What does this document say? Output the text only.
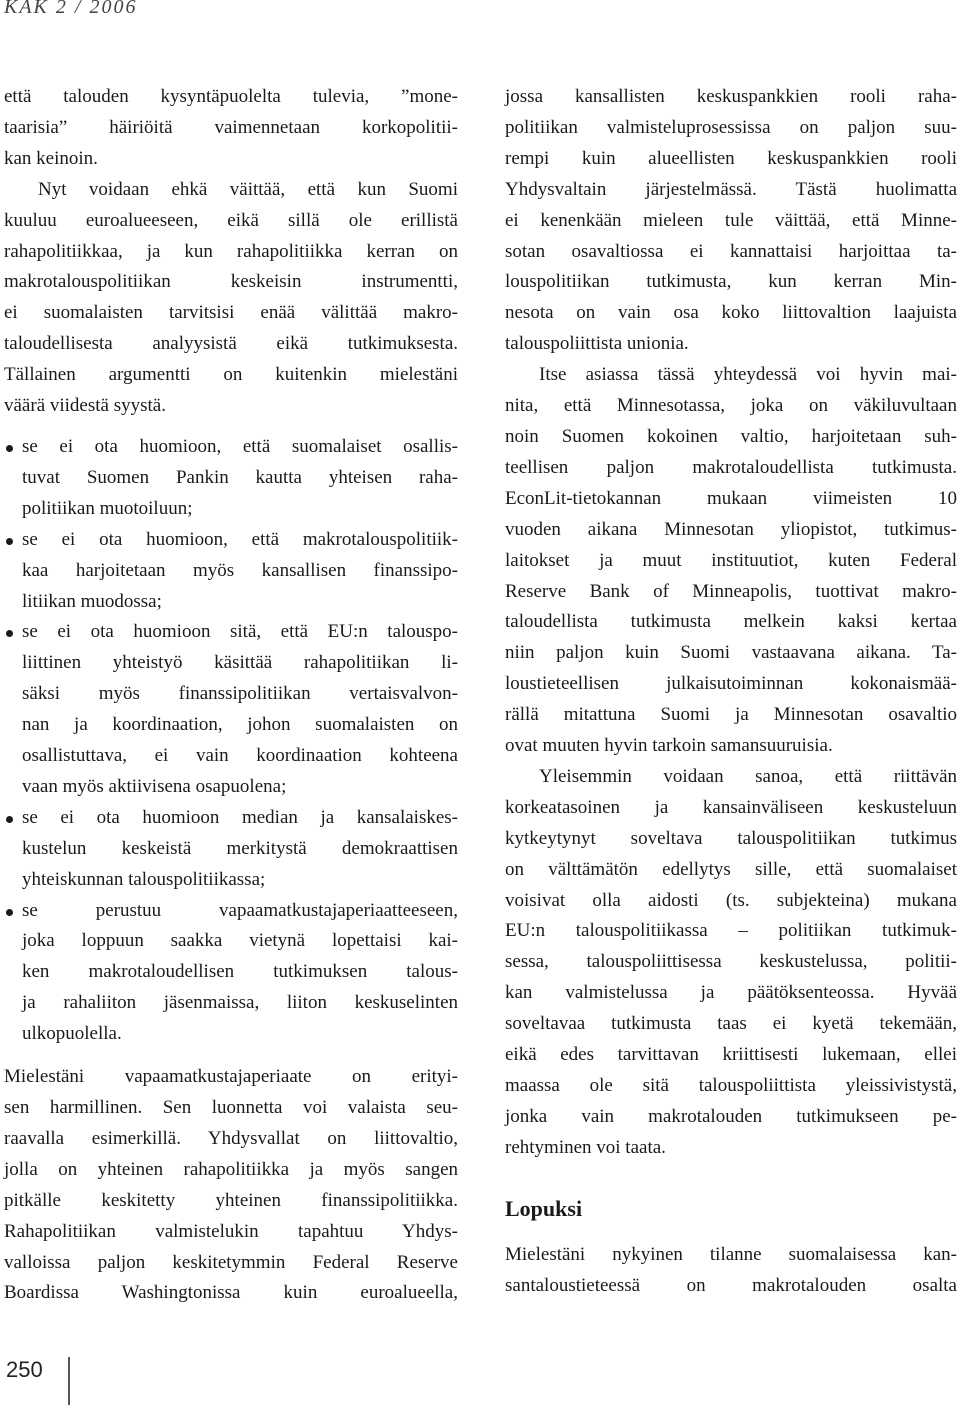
KAK 2 / 2006
että talouden kysyntäpuolelta tulevia, ”mone-
taarisia” häiriöitä vaimennetaan korkopolitii-
kan keinoin.
Nyt voidaan ehkä väittää, että kun Suomi
kuuluu euroalueeseen, eikä sillä ole erillistä
rahapolitiikkaa, ja kun rahapolitiikka kerran on
makrotalouspolitiikan keskeisin instrumentti,
ei suomalaisten tarvitsisi enää välittää makro-
taloudellisesta analyysistä eikä tutkimuksesta.
Tällainen argumentti on kuitenkin mielestäni
väärä viidestä syystä.
se ei ota huomioon, että suomalaiset osallis-
tuvat Suomen Pankin kautta yhteisen raha-
politiikan muotoiluun;
se ei ota huomioon, että makrotalouspolitiik-
kaa harjoitetaan myös kansallisen finanssipo-
litiikan muodossa;
se ei ota huomioon sitä, että EU:n talouspo-
liittinen yhteistyö käsittää rahapolitiikan li-
säksi myös finanssipolitiikan vertaisvalvon-
nan ja koordinaation, johon suomalaisten on
osallistuttava, ei vain koordinaation kohteena
vaan myös aktiivisena osapuolena;
se ei ota huomioon median ja kansalaiskes-
kustelun keskeistä merkitystä demokraattisen
yhteiskunnan talouspolitiikassa;
se perustuu vapaamatkustajaperiaatteeseen,
joka loppuun saakka vietynä lopettaisi kai-
ken makrotaloudellisen tutkimuksen talous-
ja rahaliiton jäsenmaissa, liiton keskuselinten
ulkopuolella.
Mielestäni vapaamatkustajaperiaate on erityi-
sen harmillinen. Sen luonnetta voi valaista seu-
raavalla esimerkillä. Yhdysvallat on liittovaltio,
jolla on yhteinen rahapolitiikka ja myös sangen
pitkälle keskitetty yhteinen finanssipolitiikka.
Rahapolitiikan valmistelukin tapahtuu Yhdys-
valloissa paljon keskitetymmin Federal Reserve
Boardissa Washingtonissa kuin euroalueella,
jossa kansallisten keskuspankkien rooli raha-
politiikan valmisteluprosessissa on paljon suu-
rempi kuin alueellisten keskuspankkien rooli
Yhdysvaltain järjestelmässä. Tästä huolimatta
ei kenenkään mieleen tule väittää, että Minne-
sotan osavaltiossa ei kannattaisi harjoittaa ta-
louspolitiikan tutkimusta, kun kerran Min-
nesota on vain osa koko liittovaltion laajuista
talouspoliittista unionia.
Itse asiassa tässä yhteydessä voi hyvin mai-
nita, että Minnesotassa, joka on väkiluvultaan
noin Suomen kokoinen valtio, harjoitetaan suh-
teellisen paljon makrotaloudellista tutkimusta.
EconLit-tietokannan mukaan viimeisten 10
vuoden aikana Minnesotan yliopistot, tutkimus-
laitokset ja muut instituutiot, kuten Federal
Reserve Bank of Minneapolis, tuottivat makro-
taloudellista tutkimusta melkein kaksi kertaa
niin paljon kuin Suomi vastaavana aikana. Ta-
loustieteellisen julkaisutoiminnan kokonaismää-
rällä mitattuna Suomi ja Minnesotan osavaltio
ovat muuten hyvin tarkoin samansuuruisia.
Yleisemmin voidaan sanoa, että riittävän
korkeatasoinen ja kansainväliseen keskusteluun
kytkeytynyt soveltava talouspolitiikan tutkimus
on välttämätön edellytys sille, että suomalaiset
voisivat olla aidosti (ts. subjekteina) mukana
EU:n talouspolitiikassa – politiikan tutkimuk-
sessa, talouspoliittisessa keskustelussa, politii-
kan valmistelussa ja päätöksenteossa. Hyvää
soveltavaa tutkimusta taas ei kyetä tekemään,
eikä edes tarvittavan kriittisesti lukemaan, ellei
maassa ole sitä talouspoliittista yleissivistystä,
jonka vain makrotalouden tutkimukseen pe-
rehtyminen voi taata.
Lopuksi
Mielestäni nykyinen tilanne suomalaisessa kan-
santaloustieteessä on makrotalouden osalta
250
